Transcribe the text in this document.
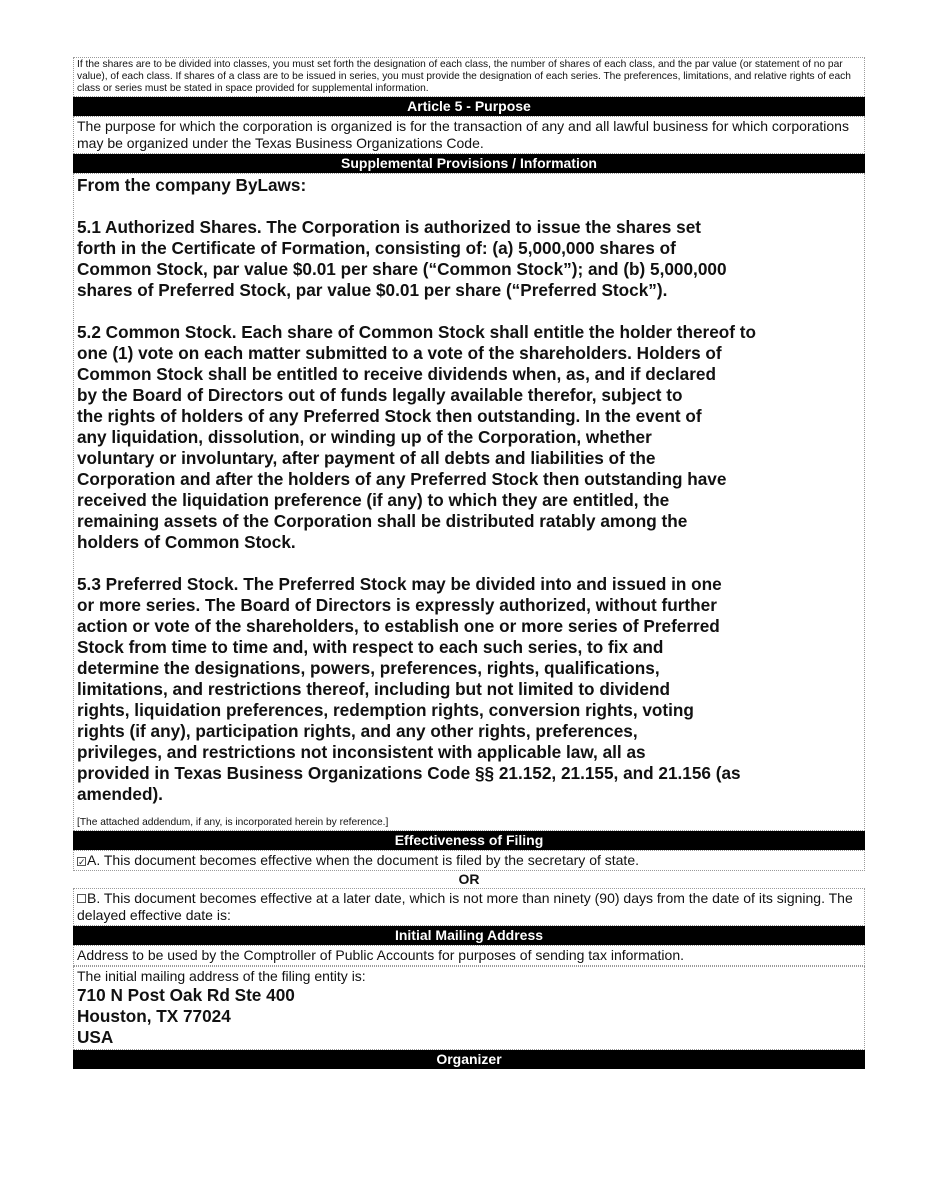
If the shares are to be divided into classes, you must set forth the designation of each class, the number of shares of each class, and the par value (or statement of no par value), of each class. If shares of a class are to be issued in series, you must provide the designation of each series. The preferences, limitations, and relative rights of each class or series must be stated in space provided for supplemental information.
Article 5 - Purpose
The purpose for which the corporation is organized is for the transaction of any and all lawful business for which corporations may be organized under the Texas Business Organizations Code.
Supplemental Provisions / Information
From the company ByLaws:
5.1 Authorized Shares. The Corporation is authorized to issue the shares set
forth in the Certificate of Formation, consisting of: (a) 5,000,000 shares of
Common Stock, par value $0.01 per share (“Common Stock”); and (b) 5,000,000
shares of Preferred Stock, par value $0.01 per share (“Preferred Stock”).
5.2 Common Stock. Each share of Common Stock shall entitle the holder thereof to
one (1) vote on each matter submitted to a vote of the shareholders. Holders of
Common Stock shall be entitled to receive dividends when, as, and if declared
by the Board of Directors out of funds legally available therefor, subject to
the rights of holders of any Preferred Stock then outstanding. In the event of
any liquidation, dissolution, or winding up of the Corporation, whether
voluntary or involuntary, after payment of all debts and liabilities of the
Corporation and after the holders of any Preferred Stock then outstanding have
received the liquidation preference (if any) to which they are entitled, the
remaining assets of the Corporation shall be distributed ratably among the
holders of Common Stock.
5.3 Preferred Stock. The Preferred Stock may be divided into and issued in one
or more series. The Board of Directors is expressly authorized, without further
action or vote of the shareholders, to establish one or more series of Preferred
Stock from time to time and, with respect to each such series, to fix and
determine the designations, powers, preferences, rights, qualifications,
limitations, and restrictions thereof, including but not limited to dividend
rights, liquidation preferences, redemption rights, conversion rights, voting
rights (if any), participation rights, and any other rights, preferences,
privileges, and restrictions not inconsistent with applicable law, all as
provided in Texas Business Organizations Code §§ 21.152, 21.155, and 21.156 (as
amended).
[The attached addendum, if any, is incorporated herein by reference.]
Effectiveness of Filing
✓A. This document becomes effective when the document is filed by the secretary of state.
OR
B. This document becomes effective at a later date, which is not more than ninety (90) days from the date of its signing. The delayed effective date is:
Initial Mailing Address
Address to be used by the Comptroller of Public Accounts for purposes of sending tax information.
The initial mailing address of the filing entity is:
710 N Post Oak Rd Ste 400
Houston, TX 77024
USA
Organizer
